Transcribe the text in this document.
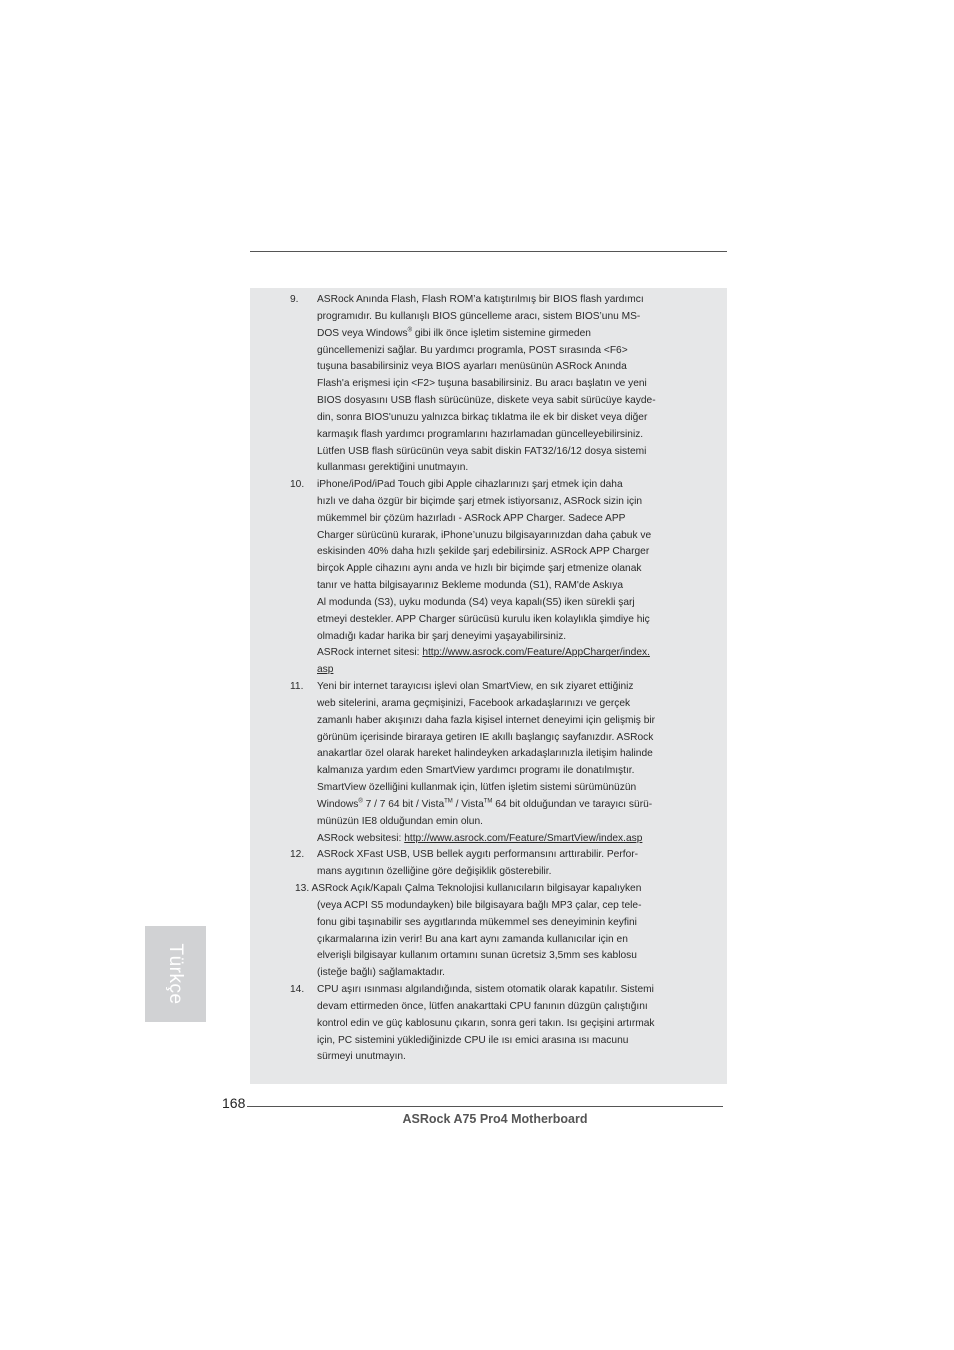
9.	ASRock Anında Flash, Flash ROM’a katıştırılmış bir BIOS flash yardımcı
programıdır. Bu kullanışlı BIOS güncelleme aracı, sistem BIOS’unu MS-
DOS veya Windows® gibi ilk önce işletim sistemine girmeden
güncellemenizi sağlar. Bu yardımcı programla, POST sırasında <F6>
tuşuna basabilirsiniz veya BIOS ayarları menüsünün ASRock Anında
Flash'a erişmesi için <F2> tuşuna basabilirsiniz. Bu aracı başlatın ve yeni
BIOS dosyasını USB flash sürücünüze, diskete veya sabit sürücüye kayde-
din, sonra BIOS'unuzu yalnızca birkaç tıklatma ile ek bir disket veya diğer
karmaşık flash yardımcı programlarını hazırlamadan güncelleyebilirsiniz.
Lütfen USB flash sürücünün veya sabit diskin FAT32/16/12 dosya sistemi
kullanması gerektiğini unutmayın.
10.	iPhone/iPod/iPad Touch gibi Apple cihazlarınızı şarj etmek için daha
hızlı ve daha özgür bir biçimde şarj etmek istiyorsanız, ASRock sizin için
mükemmel bir çözüm hazırladı - ASRock APP Charger. Sadece APP
Charger sürücünü kurarak, iPhone’unuzu bilgisayarınızdan daha çabuk ve
eskisinden 40% daha hızlı şekilde şarj edebilirsiniz. ASRock APP Charger
birçok Apple cihazını aynı anda ve hızlı bir biçimde şarj etmenize olanak
tanır ve hatta bilgisayarınız Bekleme modunda (S1), RAM'de Askıya
Al modunda (S3), uyku modunda (S4) veya kapalı(S5) iken sürekli şarj
etmeyi destekler. APP Charger sürücüsü kurulu iken kolaylıkla şimdiye hiç
olmadığı kadar harika bir şarj deneyimi yaşayabilirsiniz.
ASRock internet sitesi: http://www.asrock.com/Feature/AppCharger/index.
asp
11.	Yeni bir internet tarayıcısı işlevi olan SmartView, en sık ziyaret ettiğiniz
web sitelerini, arama geçmişinizi, Facebook arkadaşlarınızı ve gerçek
zamanlı haber akışınızı daha fazla kişisel internet deneyimi için gelişmiş bir
görünüm içerisinde biraraya getiren IE akıllı başlangıç sayfanızdır. ASRock
anakartlar özel olarak hareket halindeyken arkadaşlarınızla iletişim halinde
kalmanıza yardım eden SmartView yardımcı programı ile donatılmıştır.
SmartView özelliğini kullanmak için, lütfen işletim sistemi sürümünüzün
Windows® 7 / 7 64 bit / Vista™ / Vista™ 64 bit olduğundan ve tarayıcı sürü-
münüzün IE8 olduğundan emin olun.
ASRock websitesi: http://www.asrock.com/Feature/SmartView/index.asp
12.	ASRock XFast USB, USB bellek aygıtı performansını arttırabilir. Perfor-
mans aygıtının özelliğine göre değişiklik gösterebilir.
13. ASRock Açık/Kapalı Çalma Teknolojisi kullanıcıların bilgisayar kapalıyken
(veya ACPI S5 modundayken) bile bilgisayara bağlı MP3 çalar, cep tele-
fonu gibi taşınabilir ses aygıtlarında mükemmel ses deneyiminin keyfini
çıkarmalarına izin verir! Bu ana kart aynı zamanda kullanıcılar için en
elverişli bilgisayar kullanım ortamını sunan ücretsiz 3,5mm ses kablosu
(isteğe bağlı) sağlamaktadır.
14.	CPU aşırı ısınması algılandığında, sistem otomatik olarak kapatılır. Sistemi
devam ettirmeden önce, lütfen anakarttaki CPU fanının düzgün çalıştığını
kontrol edin ve güç kablosunu çıkarın, sonra geri takın. Isı geçişini artırmak
için, PC sistemini yüklediğinizde CPU ile ısı emici arasına ısı macunu
sürmeyi unutmayın.
Türkçe
168
ASRock A75 Pro4 Motherboard
